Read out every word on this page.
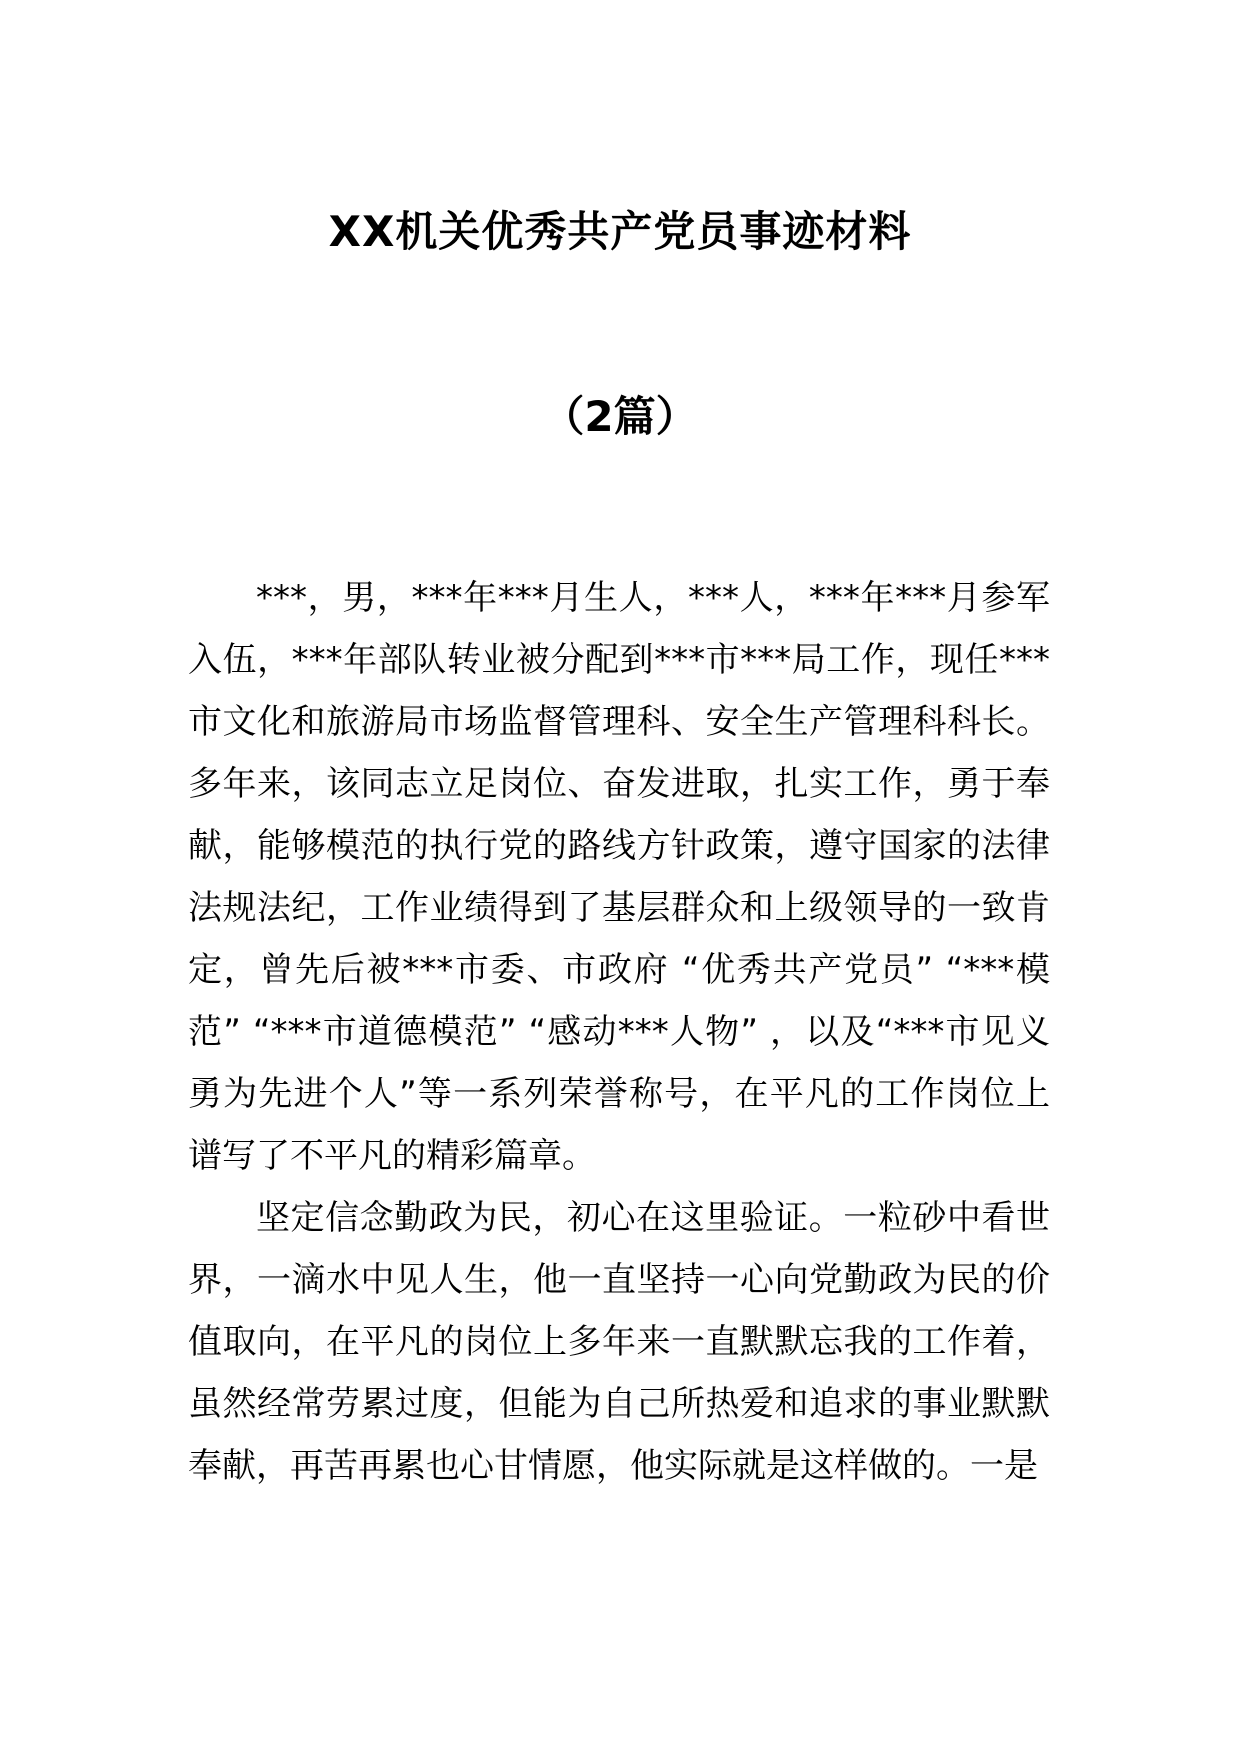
XX机关优秀共产党员事迹材料
（2篇）

***，男，***年***月生人，***人，***年***月参军入伍，***年部队转业被分配到***市***局工作，现任***市文化和旅游局市场监督管理科、安全生产管理科科长。多年来，该同志立足岗位、奋发进取，扎实工作，勇于奉献，能够模范的执行党的路线方针政策，遵守国家的法律法规法纪，工作业绩得到了基层群众和上级领导的一致肯定，曾先后被***市委、市政府 “优秀共产党员” “***模范” “***市道德模范” “感动***人物” ，以及“***市见义勇为先进个人”等一系列荣誉称号，在平凡的工作岗位上谱写了不平凡的精彩篇章。

坚定信念勤政为民，初心在这里验证。一粒砂中看世界，一滴水中见人生，他一直坚持一心向党勤政为民的价值取向，在平凡的岗位上多年来一直默默忘我的工作着，虽然经常劳累过度，但能为自己所热爱和追求的事业默默奉献，再苦再累也心甘情愿，他实际就是这样做的。一是
